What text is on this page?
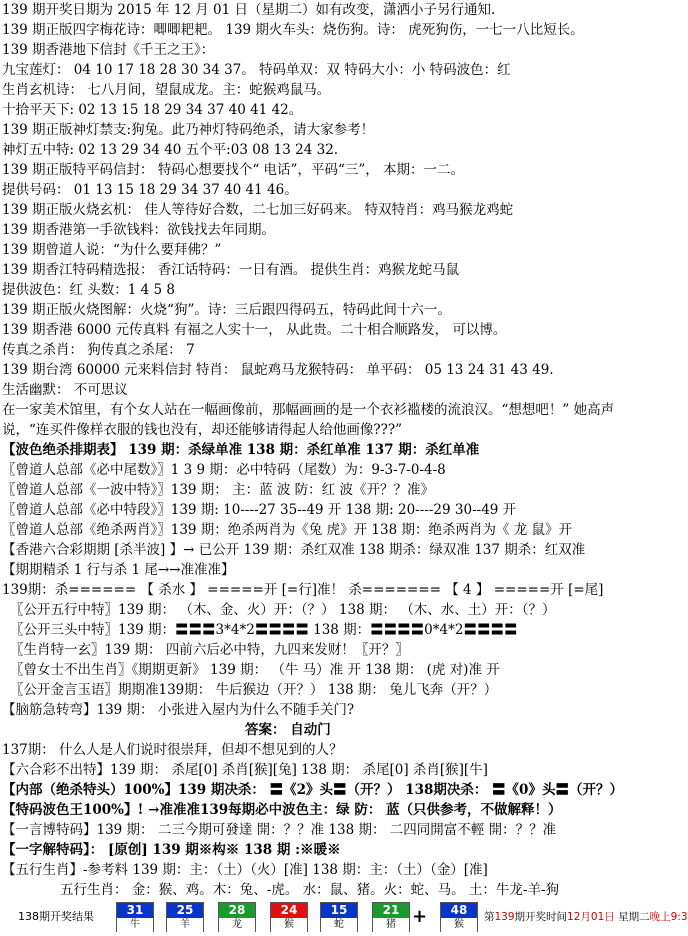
139 期开奖日期为 2015 年 12 月 01 日（星期二）如有改变，潇洒小子另行通知.
139 期正版四字梅花诗：唧唧耙耙。 139 期火车头：烧伤狗。诗： 虎死狗伤，一七一八比短长。
139 期香港地下信封《千王之王》：
九宝莲灯： 04 10 17 18 28 30 34 37。 特码单双：双 特码大小：小 特码波色：红
生肖玄机诗： 七八月间，望鼠成龙。主：蛇猴鸡鼠马。
十拾平天下: 02 13 15 18 29 34 37 40 41 42。
139 期正版神灯禁支:狗兔。此乃神灯特码绝杀，请大家参考！
神灯五中特: 02 13 29 34 40 五个平:03 08 13 24 32.
139 期正版特平码信封： 特码心想要找个“ 电话”，平码“三”， 本期：一二。
提供号码： 01 13 15 18 29 34 37 40 41 46。
139 期正版火烧玄机： 佳人等待好合数，二七加三好码来。 特双特肖：鸡马猴龙鸡蛇
139 期香港第一手欲钱料：欲钱找去年同期。
139 期曾道人说：“为什么要拜佛？”
139 期香江特码精选报： 香江话特码：一日有酒。 提供生肖：鸡猴龙蛇马鼠
提供波色：红 头数：1 4 5 8
139 期正版火烧图解：火烧“狗”。诗：三后跟四得码五，特码此间十六一。
139 期香港 6000 元传真料 有福之人实十一， 从此贵。二十相合顺路发， 可以博。
传真之杀肖： 狗传真之杀尾： 7
139 期台湾 60000 元来料信封 特肖： 鼠蛇鸡马龙猴特码： 单平码： 05 13 24 31 43 49.
生活幽默： 不可思议
在一家美术馆里，有个女人站在一幅画像前，那幅画画的是一个衣衫褴楼的流浪汉。“想想吧！” 她高声
说，“连买件像样衣服的钱也没有，却还能够请得起人给他画像???”
【波色绝杀排期表】 139 期：杀绿单准 138 期：杀红单准 137 期：杀红单准
〖曾道人总部《必中尾数》〗1 3 9 期：必中特码（尾数）为：9-3-7-0-4-8
〖曾道人总部《一波中特》〗139 期： 主：蓝 波 防：红 波《开？？准》
〖曾道人总部《必中特段》〗139 期: 10----27 35--49 开 138 期: 20----29 30--49 开
〖曾道人总部《绝杀两肖》〗139 期：绝杀两肖为《兔 虎》开 138 期：绝杀两肖为《 龙 鼠》开
【香港六合彩期期 [杀半波] 】→ 已公开 139 期：杀红双准 138 期杀：绿双准 137 期杀：红双准
【期期精杀 1 行与杀 1 尾→→准准准】
139期：杀====== 【 杀水 】 =====开 [=行]准！ 杀======= 【 4 】 =====开 [=尾]
〖公开五行中特〗139 期： （木、金、火）开：（？） 138 期： （木、水、土）开：（？）
〖公开三头中特〗139 期：〓〓〓3*4*2〓〓〓〓 138 期：〓〓〓〓0*4*2〓〓〓〓
〖生肖特一玄〗139 期： 四前六后必中特，九四来发财！〖开？〗
〖曾女士不出生肖〗《期期更新》 139 期： （牛 马）准 开 138 期： (虎 对)准 开
〖公开金言玉语〗期期准139期： 牛后猴边（开？） 138 期： 兔儿飞奔（开？）
【脑筋急转弯】139 期： 小张进入屋内为什么不随手关门?
答案： 自动门
137期： 什么人是人们说时很崇拜，但却不想见到的人？
【六合彩不出特】139 期： 杀尾[0] 杀肖[猴][兔] 138 期： 杀尾[0] 杀肖[猴][牛]
【内部（绝杀特头）100%】139 期决杀： 〓《2》头〓（开？） 138期决杀： 〓《0》头〓（开？）
【特码波色王100%】! →准准准139每期必中波色主：绿 防： 蓝（只供参考，不做解释！）
【一言博特码】139 期： 二三今期可發達 開：？？准 138 期： 二四同開富不輕 開：？？准
【一字解特码】： [原创] 139 期※构※ 138 期 :※暖※
【五行生肖】-参考料 139 期：主：（土）（火）[准] 138 期：主：（土）（金）[准]
五行生肖： 金：猴、鸡。木：兔、-虎。 水：鼠、猪。火：蛇、马。 土：牛龙-羊-狗
138期开奖结果	31
牛
25
羊
28
龙
24
猴
15
蛇
21
猪 +	48
猴
第139期开奖时间12月01日 星期二晚上9:3
